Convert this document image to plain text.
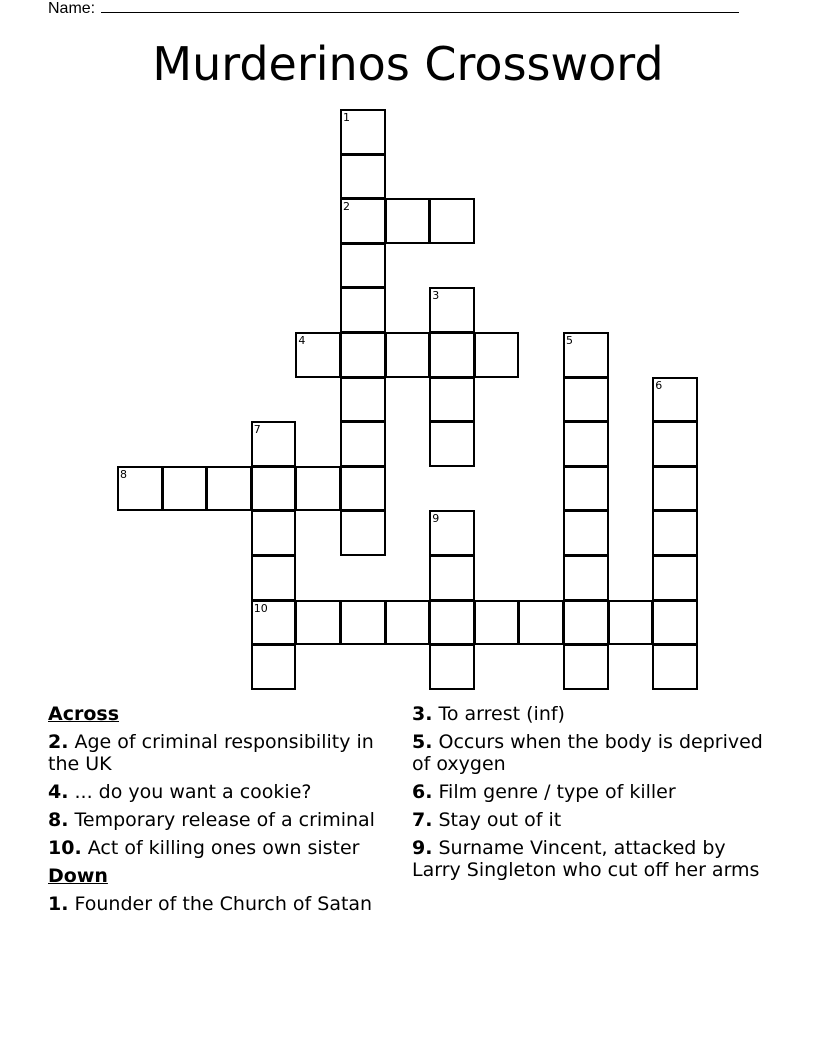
Name:
Murderinos Crossword
1
2
3
4	5
6
7
8
9
10
Across
2. Age of criminal responsibility in the UK
4. ... do you want a cookie?
8. Temporary release of a criminal
10. Act of killing ones own sister
Down
1. Founder of the Church of Satan
3. To arrest (inf)
5. Occurs when the body is deprived of oxygen
6. Film genre / type of killer
7. Stay out of it
9. Surname Vincent, attacked by Larry Singleton who cut off her arms
